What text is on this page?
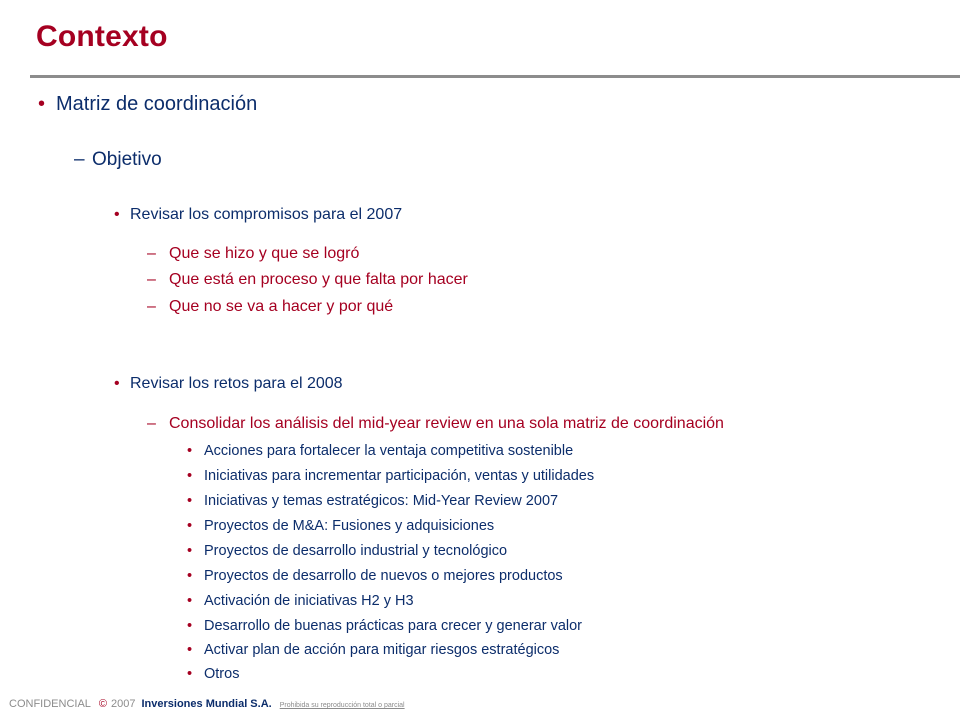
Contexto
• Matriz de coordinación
– Objetivo
• Revisar los compromisos para el 2007
– Que se hizo y que se logró
– Que está en proceso y que falta por hacer
– Que no se va a hacer y por qué
• Revisar los retos para el 2008
– Consolidar los análisis del mid-year review en una sola matriz de coordinación
• Acciones para fortalecer la ventaja competitiva sostenible
• Iniciativas para incrementar participación, ventas y utilidades
• Iniciativas y temas estratégicos: Mid-Year Review 2007
• Proyectos de M&A: Fusiones y adquisiciones
• Proyectos de desarrollo industrial y tecnológico
• Proyectos de desarrollo de nuevos o mejores productos
• Activación de iniciativas H2 y H3
• Desarrollo de buenas prácticas para crecer y generar valor
• Activar plan de acción para mitigar riesgos estratégicos
• Otros
CONFIDENCIAL © 2007 Inversiones Mundial S.A. Prohibida su reproducción total o parcial
